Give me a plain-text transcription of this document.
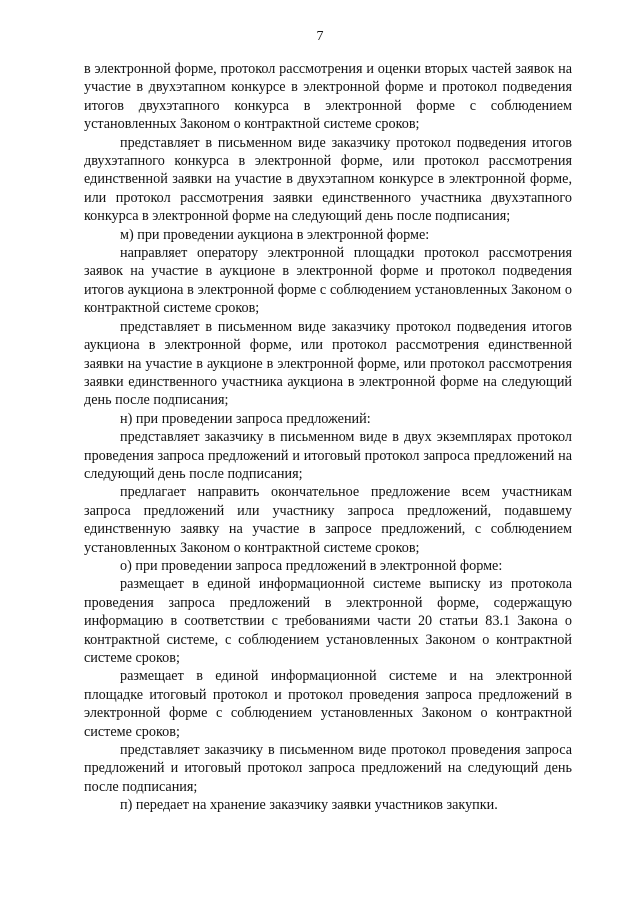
7

в электронной форме, протокол рассмотрения и оценки вторых частей заявок на участие в двухэтапном конкурсе в электронной форме и протокол подведения итогов двухэтапного конкурса в электронной форме с соблюдением установленных Законом о контрактной системе сроков;

представляет в письменном виде заказчику протокол подведения итогов двухэтапного конкурса в электронной форме, или протокол рассмотрения единственной заявки на участие в двухэтапном конкурсе в электронной форме, или протокол рассмотрения заявки единственного участника двухэтапного конкурса в электронной форме на следующий день после подписания;

м) при проведении аукциона в электронной форме:

направляет оператору электронной площадки протокол рассмотрения заявок на участие в аукционе в электронной форме и протокол подведения итогов аукциона в электронной форме с соблюдением установленных Законом о контрактной системе сроков;

представляет в письменном виде заказчику протокол подведения итогов аукциона в электронной форме, или протокол рассмотрения единственной заявки на участие в аукционе в электронной форме, или протокол рассмотрения заявки единственного участника аукциона в электронной форме на следующий день после подписания;

н) при проведении запроса предложений:

представляет заказчику в письменном виде в двух экземплярах протокол проведения запроса предложений и итоговый протокол запроса предложений на следующий день после подписания;

предлагает направить окончательное предложение всем участникам запроса предложений или участнику запроса предложений, подавшему единственную заявку на участие в запросе предложений, с соблюдением установленных Законом о контрактной системе сроков;

о) при проведении запроса предложений в электронной форме:

размещает в единой информационной системе выписку из протокола проведения запроса предложений в электронной форме, содержащую информацию в соответствии с требованиями части 20 статьи 83.1 Закона о контрактной системе, с соблюдением установленных Законом о контрактной системе сроков;

размещает в единой информационной системе и на электронной площадке итоговый протокол и протокол проведения запроса предложений в электронной форме с соблюдением установленных Законом о контрактной системе сроков;

представляет заказчику в письменном виде протокол проведения запроса предложений и итоговый протокол запроса предложений на следующий день после подписания;

п) передает на хранение заказчику заявки участников закупки.
